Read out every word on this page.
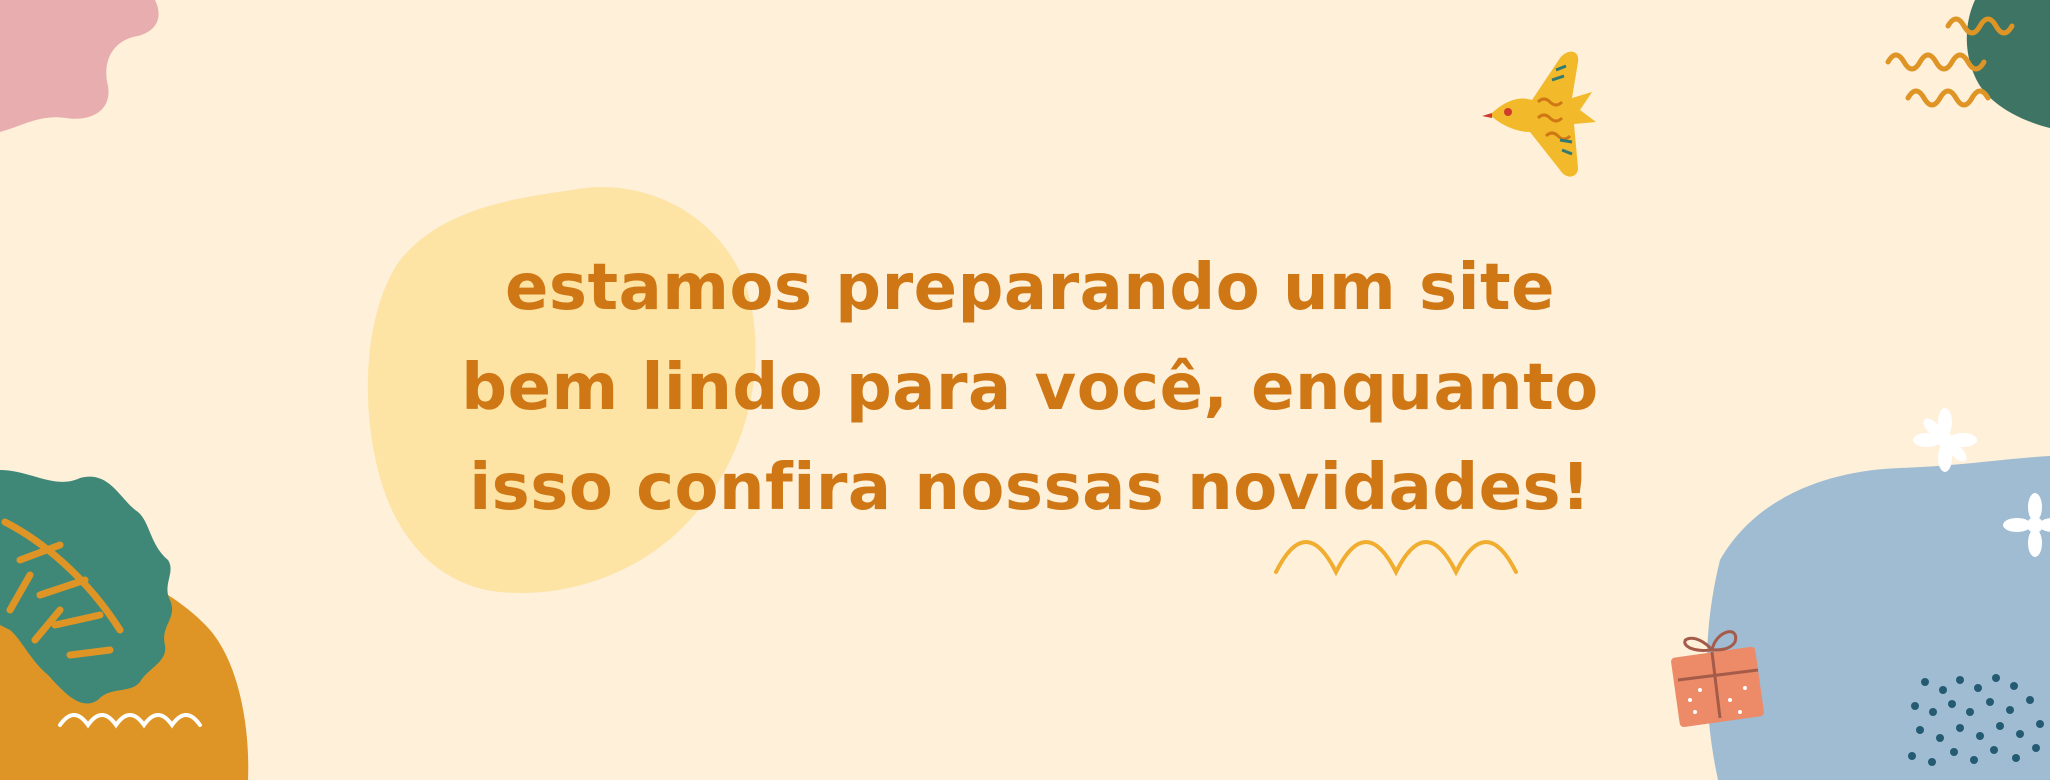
estamos preparando um site
bem lindo para você, enquanto
isso confira nossas novidades!
